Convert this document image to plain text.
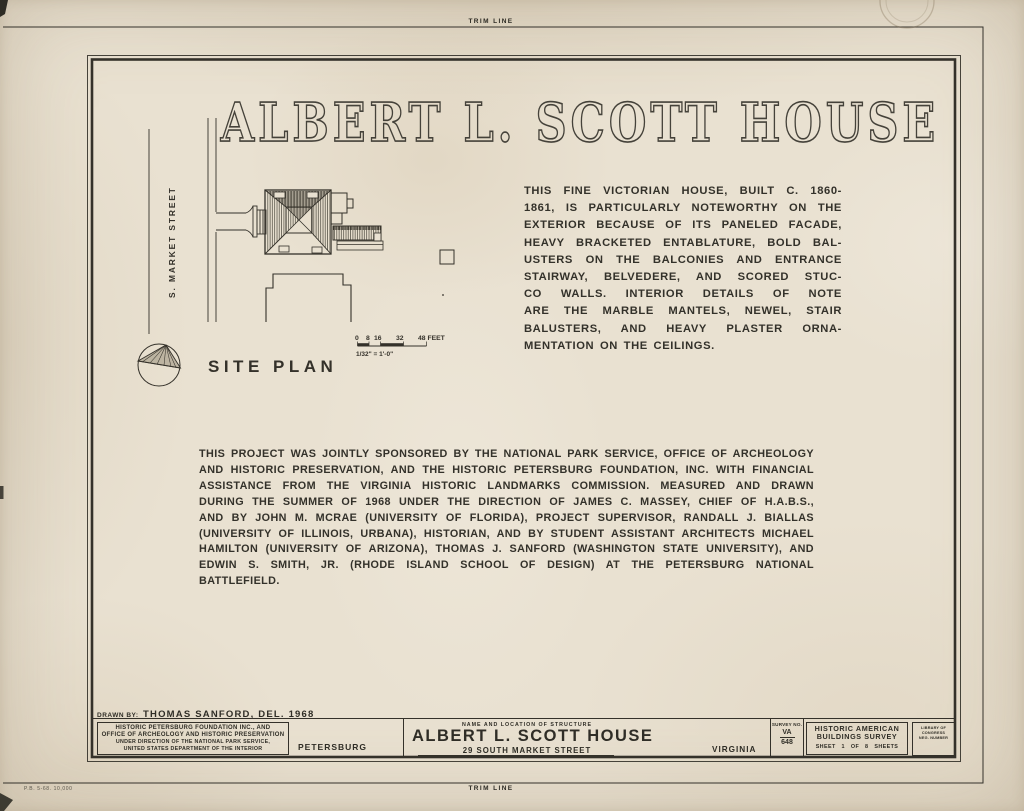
0 8 16 32 48 FEET
1/32" = 1'-0"
S. MARKET STREET
SITE PLAN
TRIM LINE
TRIM LINE
P.B. 5-68. 10,000
ALBERT L. SCOTT HOUSE
THIS FINE VICTORIAN HOUSE, BUILT C. 1860-
1861, IS PARTICULARLY NOTEWORTHY ON THE
EXTERIOR BECAUSE OF ITS PANELED FACADE,
HEAVY BRACKETED ENTABLATURE, BOLD BAL-
USTERS ON THE BALCONIES AND ENTRANCE
STAIRWAY, BELVEDERE, AND SCORED STUC-
CO WALLS. INTERIOR DETAILS OF NOTE
ARE THE MARBLE MANTELS, NEWEL, STAIR
BALUSTERS, AND HEAVY PLASTER ORNA-
MENTATION ON THE CEILINGS.
THIS PROJECT WAS JOINTLY SPONSORED BY THE NATIONAL PARK SERVICE, OFFICE OF ARCHEOLOGY
AND HISTORIC PRESERVATION, AND THE HISTORIC PETERSBURG FOUNDATION, INC. WITH FINANCIAL
ASSISTANCE FROM THE VIRGINIA HISTORIC LANDMARKS COMMISSION. MEASURED AND DRAWN
DURING THE SUMMER OF 1968 UNDER THE DIRECTION OF JAMES C. MASSEY, CHIEF OF H.A.B.S.,
AND BY JOHN M. MCRAE (UNIVERSITY OF FLORIDA), PROJECT SUPERVISOR, RANDALL J. BIALLAS
(UNIVERSITY OF ILLINOIS, URBANA), HISTORIAN, AND BY STUDENT ASSISTANT ARCHITECTS MICHAEL
HAMILTON (UNIVERSITY OF ARIZONA), THOMAS J. SANFORD (WASHINGTON STATE UNIVERSITY), AND
EDWIN S. SMITH, JR. (RHODE ISLAND SCHOOL OF DESIGN) AT THE PETERSBURG NATIONAL BATTLEFIELD.
DRAWN BY: THOMAS SANFORD, DEL. 1968
HISTORIC PETERSBURG FOUNDATION INC., AND
OFFICE OF ARCHEOLOGY AND HISTORIC PRESERVATION
UNDER DIRECTION OF THE NATIONAL PARK SERVICE,
UNITED STATES DEPARTMENT OF THE INTERIOR	PETERSBURG
NAME AND LOCATION OF STRUCTURE
ALBERT L. SCOTT HOUSE
29 SOUTH MARKET STREET	VIRGINIA
SURVEY NO.
VA
648
HISTORIC AMERICAN
BUILDINGS SURVEY
SHEET 1 OF 8 SHEETS
LIBRARY OF CONGRESS
NEG. NUMBER
